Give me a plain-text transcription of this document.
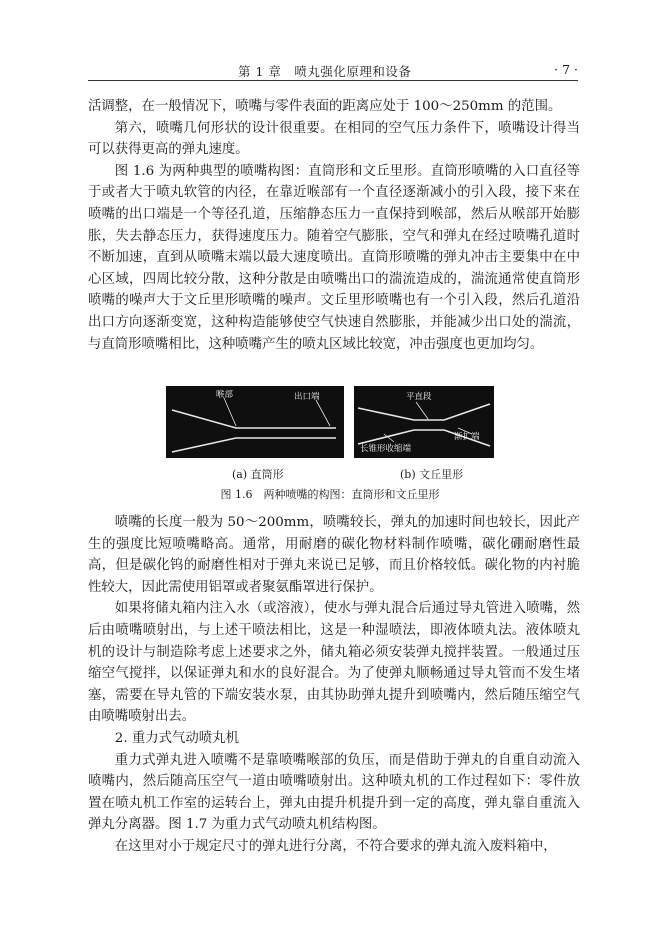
第 1 章　喷丸强化原理和设备	· 7 ·

活调整，在一般情况下，喷嘴与零件表面的距离应处于 100～250mm 的范围。

第六，喷嘴几何形状的设计很重要。在相同的空气压力条件下，喷嘴设计得当可以获得更高的弹丸速度。

图 1.6 为两种典型的喷嘴构图：直筒形和文丘里形。直筒形喷嘴的入口直径等于或者大于喷丸软管的内径，在靠近喉部有一个直径逐渐减小的引入段，接下来在喷嘴的出口端是一个等径孔道，压缩静态压力一直保持到喉部，然后从喉部开始膨胀，失去静态压力，获得速度压力。随着空气膨胀，空气和弹丸在经过喷嘴孔道时不断加速，直到从喷嘴末端以最大速度喷出。直筒形喷嘴的弹丸冲击主要集中在中心区域，四周比较分散，这种分散是由喷嘴出口的湍流造成的，湍流通常使直筒形喷嘴的噪声大于文丘里形喷嘴的噪声。文丘里形喷嘴也有一个引入段，然后孔道沿出口方向逐渐变宽，这种构造能够使空气快速自然膨胀，并能减少出口处的湍流，与直筒形喷嘴相比，这种喷嘴产生的喷丸区域比较宽，冲击强度也更加均匀。

喉部	出口端	平直段
长锥形收缩端
渐扩端
(a) 直筒形	(b) 文丘里形
图 1.6　两种喷嘴的构图：直筒形和文丘里形

喷嘴的长度一般为 50～200mm，喷嘴较长，弹丸的加速时间也较长，因此产生的强度比短喷嘴略高。通常，用耐磨的碳化物材料制作喷嘴，碳化硼耐磨性最高，但是碳化钨的耐磨性相对于弹丸来说已足够，而且价格较低。碳化物的内衬脆性较大，因此需使用铝罩或者聚氨酯罩进行保护。

如果将储丸箱内注入水（或溶液），使水与弹丸混合后通过导丸管进入喷嘴，然后由喷嘴喷射出，与上述干喷法相比，这是一种湿喷法，即液体喷丸法。液体喷丸机的设计与制造除考虑上述要求之外，储丸箱必须安装弹丸搅拌装置。一般通过压缩空气搅拌，以保证弹丸和水的良好混合。为了使弹丸顺畅通过导丸管而不发生堵塞，需要在导丸管的下端安装水泵，由其协助弹丸提升到喷嘴内，然后随压缩空气由喷嘴喷射出去。

2. 重力式气动喷丸机

重力式弹丸进入喷嘴不是靠喷嘴喉部的负压，而是借助于弹丸的自重自动流入喷嘴内，然后随高压空气一道由喷嘴喷射出。这种喷丸机的工作过程如下：零件放置在喷丸机工作室的运转台上，弹丸由提升机提升到一定的高度，弹丸靠自重流入弹丸分离器。图 1.7 为重力式气动喷丸机结构图。

在这里对小于规定尺寸的弹丸进行分离，不符合要求的弹丸流入废料箱中，
